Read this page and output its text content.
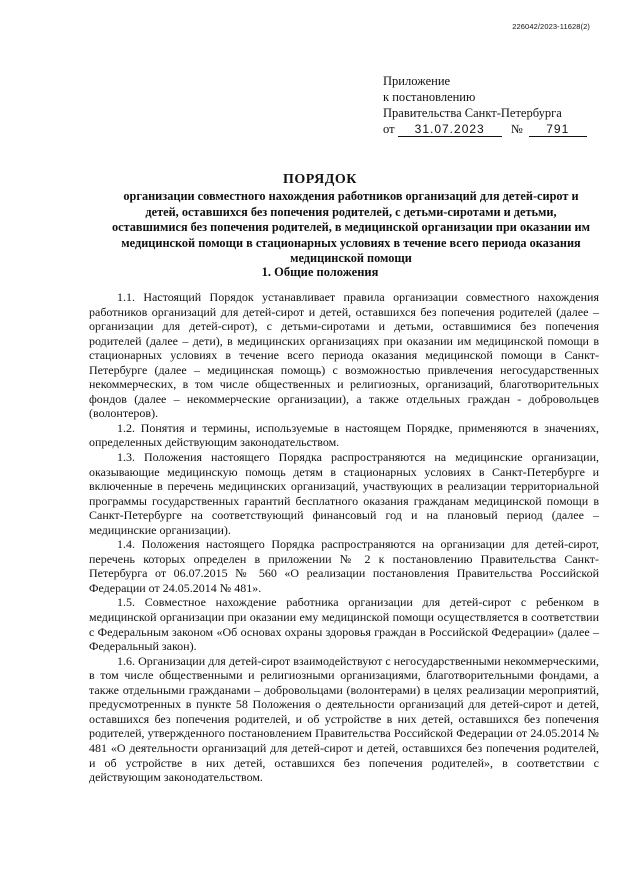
226042/2023-11628(2)
Приложение
к постановлению
Правительства Санкт-Петербурга
от 31.07.2023 № 791
ПОРЯДОК
организации совместного нахождения работников организаций для детей-сирот и детей, оставшихся без попечения родителей, с детьми-сиротами и детьми, оставшимися без попечения родителей, в медицинской организации при оказании им медицинской помощи в стационарных условиях в течение всего периода оказания медицинской помощи
1. Общие положения

1.1. Настоящий Порядок устанавливает правила организации совместного нахождения работников организаций для детей-сирот и детей, оставшихся без попечения родителей (далее – организации для детей-сирот), с детьми-сиротами и детьми, оставшимися без попечения родителей (далее – дети), в медицинских организациях при оказании им медицинской помощи в стационарных условиях в течение всего периода оказания медицинской помощи в Санкт-Петербурге (далее – медицинская помощь) с возможностью привлечения негосударственных некоммерческих, в том числе общественных и религиозных, организаций, благотворительных фондов (далее – некоммерческие организации), а также отдельных граждан - добровольцев (волонтеров).

1.2. Понятия и термины, используемые в настоящем Порядке, применяются в значениях, определенных действующим законодательством.

1.3. Положения настоящего Порядка распространяются на медицинские организации, оказывающие медицинскую помощь детям в стационарных условиях в Санкт-Петербурге и включенные в перечень медицинских организаций, участвующих в реализации территориальной программы государственных гарантий бесплатного оказания гражданам медицинской помощи в Санкт-Петербурге на соответствующий финансовый год и на плановый период (далее – медицинские организации).

1.4. Положения настоящего Порядка распространяются на организации для детей-сирот, перечень которых определен в приложении № 2 к постановлению Правительства Санкт-Петербурга от 06.07.2015 № 560 «О реализации постановления Правительства Российской Федерации от 24.05.2014 № 481».

1.5. Совместное нахождение работника организации для детей-сирот с ребенком в медицинской организации при оказании ему медицинской помощи осуществляется в соответствии с Федеральным законом «Об основах охраны здоровья граждан в Российской Федерации» (далее – Федеральный закон).

1.6. Организации для детей-сирот взаимодействуют с негосударственными некоммерческими, в том числе общественными и религиозными организациями, благотворительными фондами, а также отдельными гражданами – добровольцами (волонтерами) в целях реализации мероприятий, предусмотренных в пункте 58 Положения о деятельности организаций для детей-сирот и детей, оставшихся без попечения родителей, и об устройстве в них детей, оставшихся без попечения родителей, утвержденного постановлением Правительства Российской Федерации от 24.05.2014 № 481 «О деятельности организаций для детей-сирот и детей, оставшихся без попечения родителей, и об устройстве в них детей, оставшихся без попечения родителей», в соответствии с действующим законодательством.
